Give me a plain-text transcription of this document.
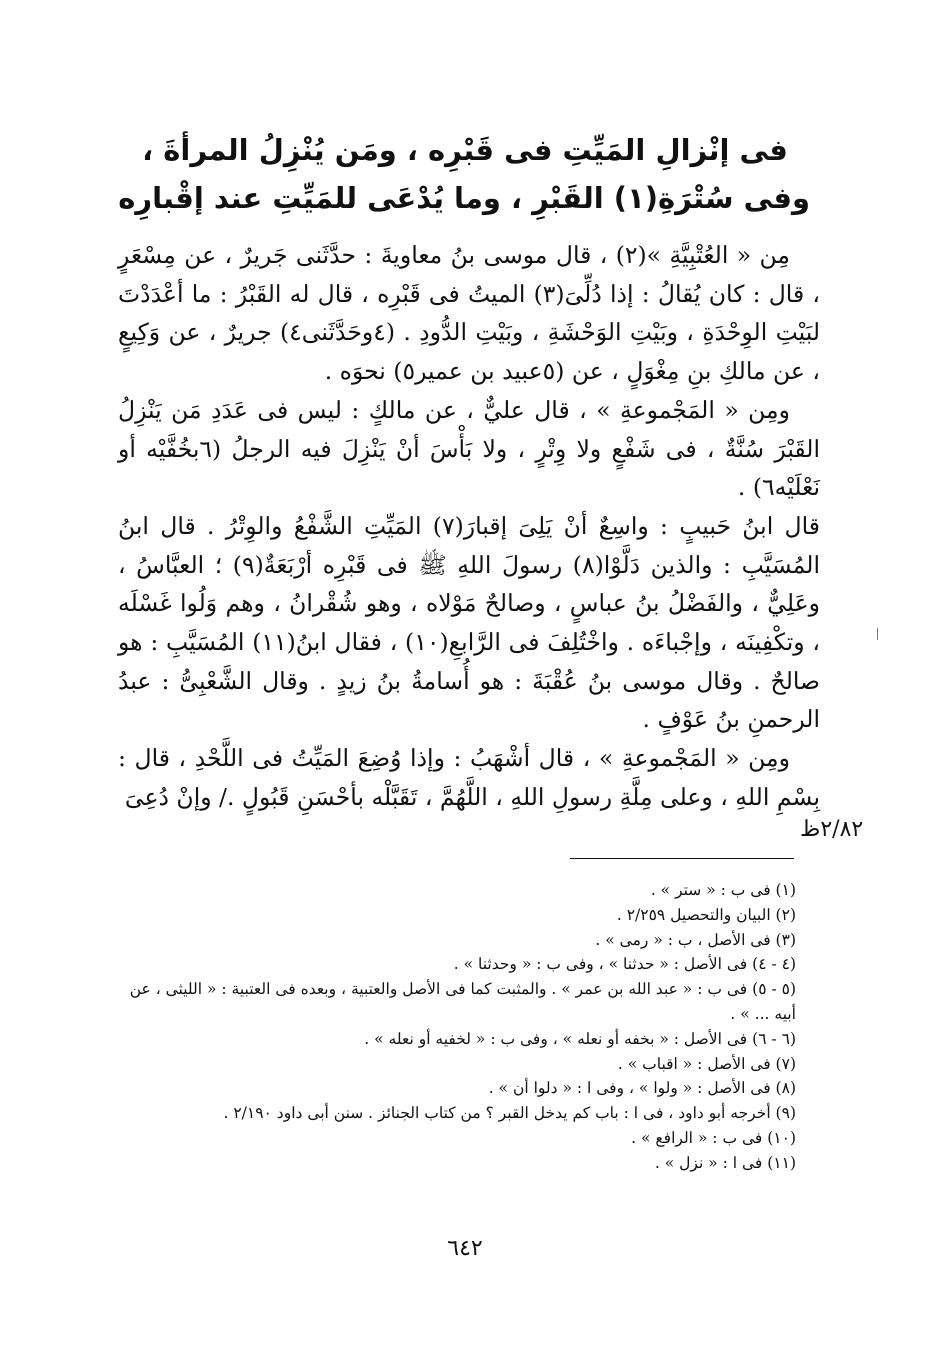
فى إنْزالِ المَيِّتِ فى قَبْرِه ، ومَن يُنْزِلُ المرأةَ ،
وفى سُتْرَةِ(١) القَبْرِ ، وما يُدْعَى للمَيِّتِ عند إقْبارِه

مِن « العُتْبِيَّةِ »(٢) ، قال موسى بنُ معاويةَ : حدَّثَنى جَريرٌ ، عن مِسْعَرٍ ، قال : كان يُقالُ : إذا دُلِّىَ(٣) الميتُ فى قَبْرِه ، قال له القَبْرُ : ما أعْدَدْتَ لبَيْتِ الوِحْدَةِ ، وبَيْتِ الوَحْشَةِ ، وبَيْتِ الدُّودِ . (٤وحَدَّثَنى٤) جريرٌ ، عن وَكِيعٍ ، عن مالكِ بنِ مِغْوَلٍ ، عن (٥عبيد بن عمير٥) نحوَه .

ومِن « المَجْموعةِ » ، قال عليٌّ ، عن مالكٍ : ليس فى عَدَدِ مَن يَنْزِلُ القَبْرَ سُنَّةٌ ، فى شَفْعٍ ولا وِتْرٍ ، ولا بَأْسَ أنْ يَنْزِلَ فيه الرجلُ (٦بخُفَّيْه أو نَعْلَيْه٦) .

قال ابنُ حَبيبٍ : واسِعٌ أنْ يَلِىَ إقبارَ(٧) المَيِّتِ الشَّفْعُ والوِتْرُ . قال ابنُ المُسَيَّبِ : والذين دَلَّوْا(٨) رسولَ اللهِ ﷺ فى قَبْرِه أرْبَعَةٌ(٩) ؛ العبَّاسُ ، وعَلِيٌّ ، والفَضْلُ بنُ عباسٍ ، وصالحٌ مَوْلاه ، وهو شُقْرانُ ، وهم وَلُوا غَسْلَه ، وتكْفِينَه ، وإجْباءَه . واخْتُلِفَ فى الرَّابعِ(١٠) ، فقال ابنُ(١١) المُسَيَّبِ : هو صالحٌ . وقال موسى بنُ عُقْبَةَ : هو أُسامةُ بنُ زيدٍ . وقال الشَّعْبِىُّ : عبدُ الرحمنِ بنُ عَوْفٍ .

ومِن « المَجْموعةِ » ، قال أشْهَبُ : وإذا وُضِعَ المَيِّتُ فى اللَّحْدِ ، قال : بِسْمِ اللهِ ، وعلى مِلَّةِ رسولِ اللهِ ، اللَّهُمَّ ، تَقَبَّلْه بأحْسَنِ قَبُولٍ ./ وإنْ دُعِىَ

٢/٨٢ظ
(١) فى ب : « ستر » .
(٢) البيان والتحصيل ٢/٢٥٩ .
(٣) فى الأصل ، ب : « رمى » .
(٤ - ٤) فى الأصل : « حدثنا » ، وفى ب : « وحدثنا » .
(٥ - ٥) فى ب : « عبد الله بن عمر » . والمثبت كما فى الأصل والعتبية ، وبعده فى العتبية : « الليثى ، عن أبيه ... » .
(٦ - ٦) فى الأصل : « بخفه أو نعله » ، وفى ب : « لخفيه أو نعله » .
(٧) فى الأصل : « اقباب » .
(٨) فى الأصل : « ولوا » ، وفى ا : « دلوا أن » .
(٩) أخرجه أبو داود ، فى ا : باب كم يدخل القبر ؟ من كتاب الجنائز . سنن أبى داود ٢/١٩٠ .
(١٠) فى ب : « الرافع » .
(١١) فى ا : « نزل » .
٦٤٢
